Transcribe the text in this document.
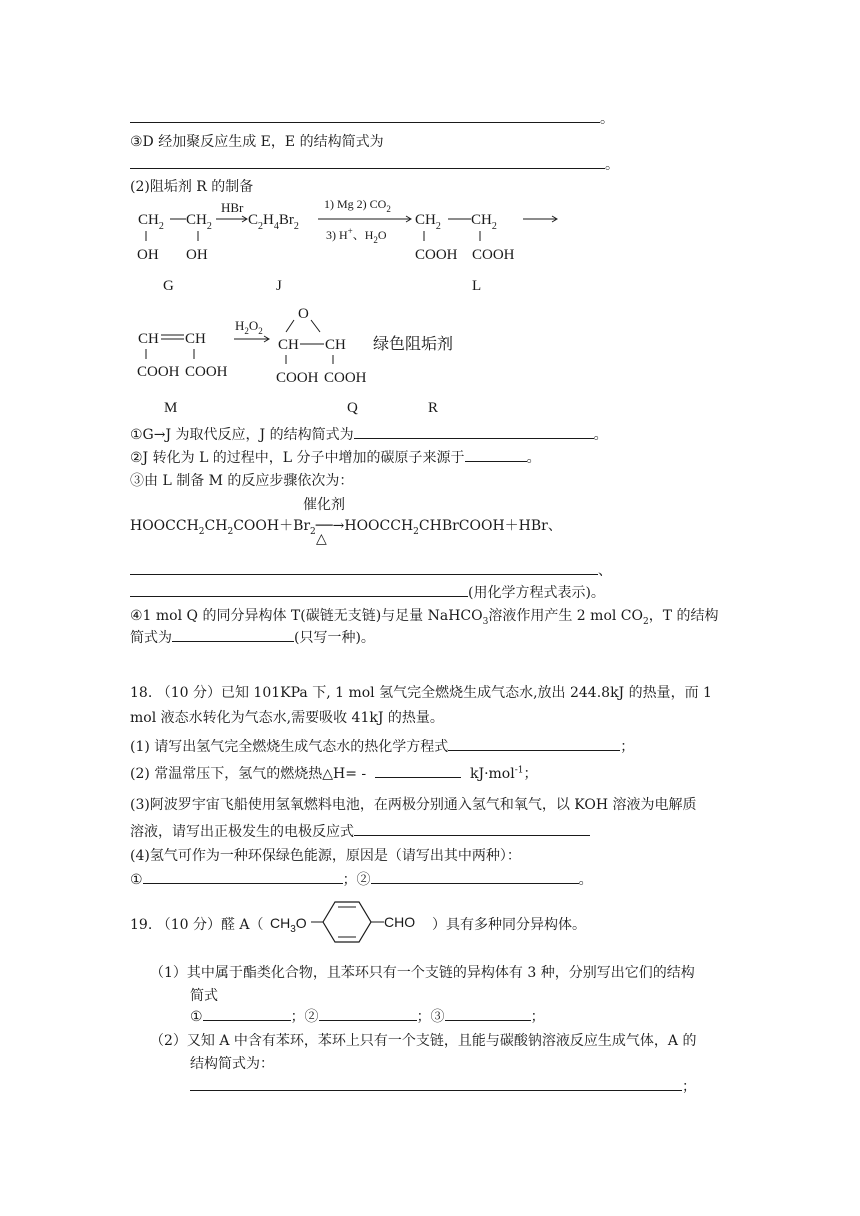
。
③D 经加聚反应生成 E，E 的结构简式为
。
(2)阻垢剂 R 的制备
$CH_2$ $CH_2$
OH OH
HBr
$C_2H_4Br_2$
1) Mg 2) $CO_2$
3) H+、$H_2O$
$CH_2$ $CH_2$
COOH COOH
G	J	L
CH CH
COOH COOH
$H_2O_2$
O
CH CH
COOH COOH
绿色阻垢剂
M	Q	R
①G→J 为取代反应，J 的结构简式为	。
②J 转化为 L 的过程中，L 分子中增加的碳原子来源于	。
③由 L 制备 M 的反应步骤依次为：
催化剂
$HOOCCH_2CH_2COOH+Br_2──\to HOOCCH_2CHBrCOOH+HBr$、
△
、
(用化学方程式表示)。
④1 mol Q 的同分异构体 T(碳链无支链)与足量 NaHCO$_3$溶液作用产生 2 mol $CO_2$，T 的结构
简式为	(只写一种)。
18. （10 分）已知 101KPa 下, 1 mol 氢气完全燃烧生成气态水,放出 244.8kJ 的热量，而 1
mol 液态水转化为气态水,需要吸收 41kJ 的热量。
(1) 请写出氢气完全燃烧生成气态水的热化学方程式	；
(2) 常温常压下，氢气的燃烧热△H= -	kJ·mol$^{-1}$；
(3)阿波罗宇宙飞船使用氢氧燃料电池，在两极分别通入氢气和氧气，以 KOH 溶液为电解质
溶液，请写出正极发生的电极反应式
(4)氢气可作为一种环保绿色能源，原因是（请写出其中两种）：
①	；②	。
19. （10 分）醛 A（ $CH_3O$	CHO ）具有多种同分异构体。
（1）其中属于酯类化合物，且苯环只有一个支链的异构体有 3 种，分别写出它们的结构
简式
①	；②	；③	；
（2）又知 A 中含有苯环，苯环上只有一个支链，且能与碳酸钠溶液反应生成气体，A 的
结构简式为：
；
